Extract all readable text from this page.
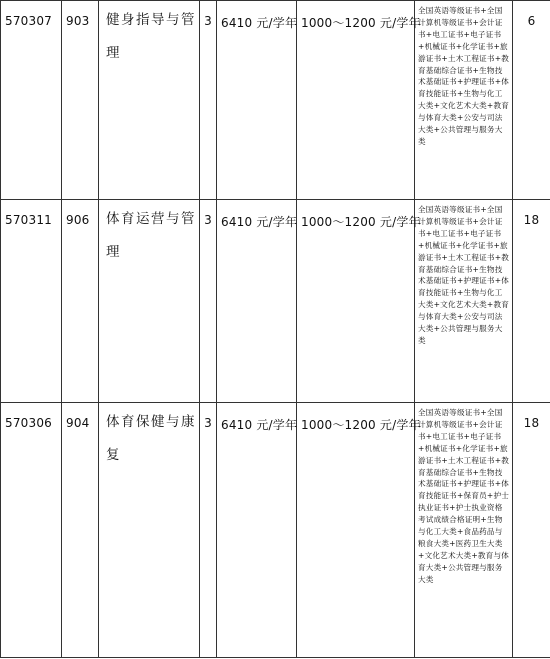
570307	903	健身指导与管理	3	6410 元/学年	1000～1200 元/学年	全国英语等级证书+全国计算机等级证书+会计证书+电工证书+电子证书+机械证书+化学证书+旅游证书+土木工程证书+教育基础综合证书+生物技术基础证书+护理证书+体育技能证书+生物与化工大类+文化艺术大类+教育与体育大类+公安与司法大类+公共管理与服务大类	6
570311	906	体育运营与管理	3	6410 元/学年	1000～1200 元/学年	全国英语等级证书+全国计算机等级证书+会计证书+电工证书+电子证书+机械证书+化学证书+旅游证书+土木工程证书+教育基础综合证书+生物技术基础证书+护理证书+体育技能证书+生物与化工大类+文化艺术大类+教育与体育大类+公安与司法大类+公共管理与服务大类	18
570306	904	体育保健与康复	3	6410 元/学年	1000～1200 元/学年	全国英语等级证书+全国计算机等级证书+会计证书+电工证书+电子证书+机械证书+化学证书+旅游证书+土木工程证书+教育基础综合证书+生物技术基础证书+护理证书+体育技能证书+保育员+护士执业证书+护士执业资格考试成绩合格证明+生物与化工大类+食品药品与粮食大类+医药卫生大类+文化艺术大类+教育与体育大类+公共管理与服务大类	18
